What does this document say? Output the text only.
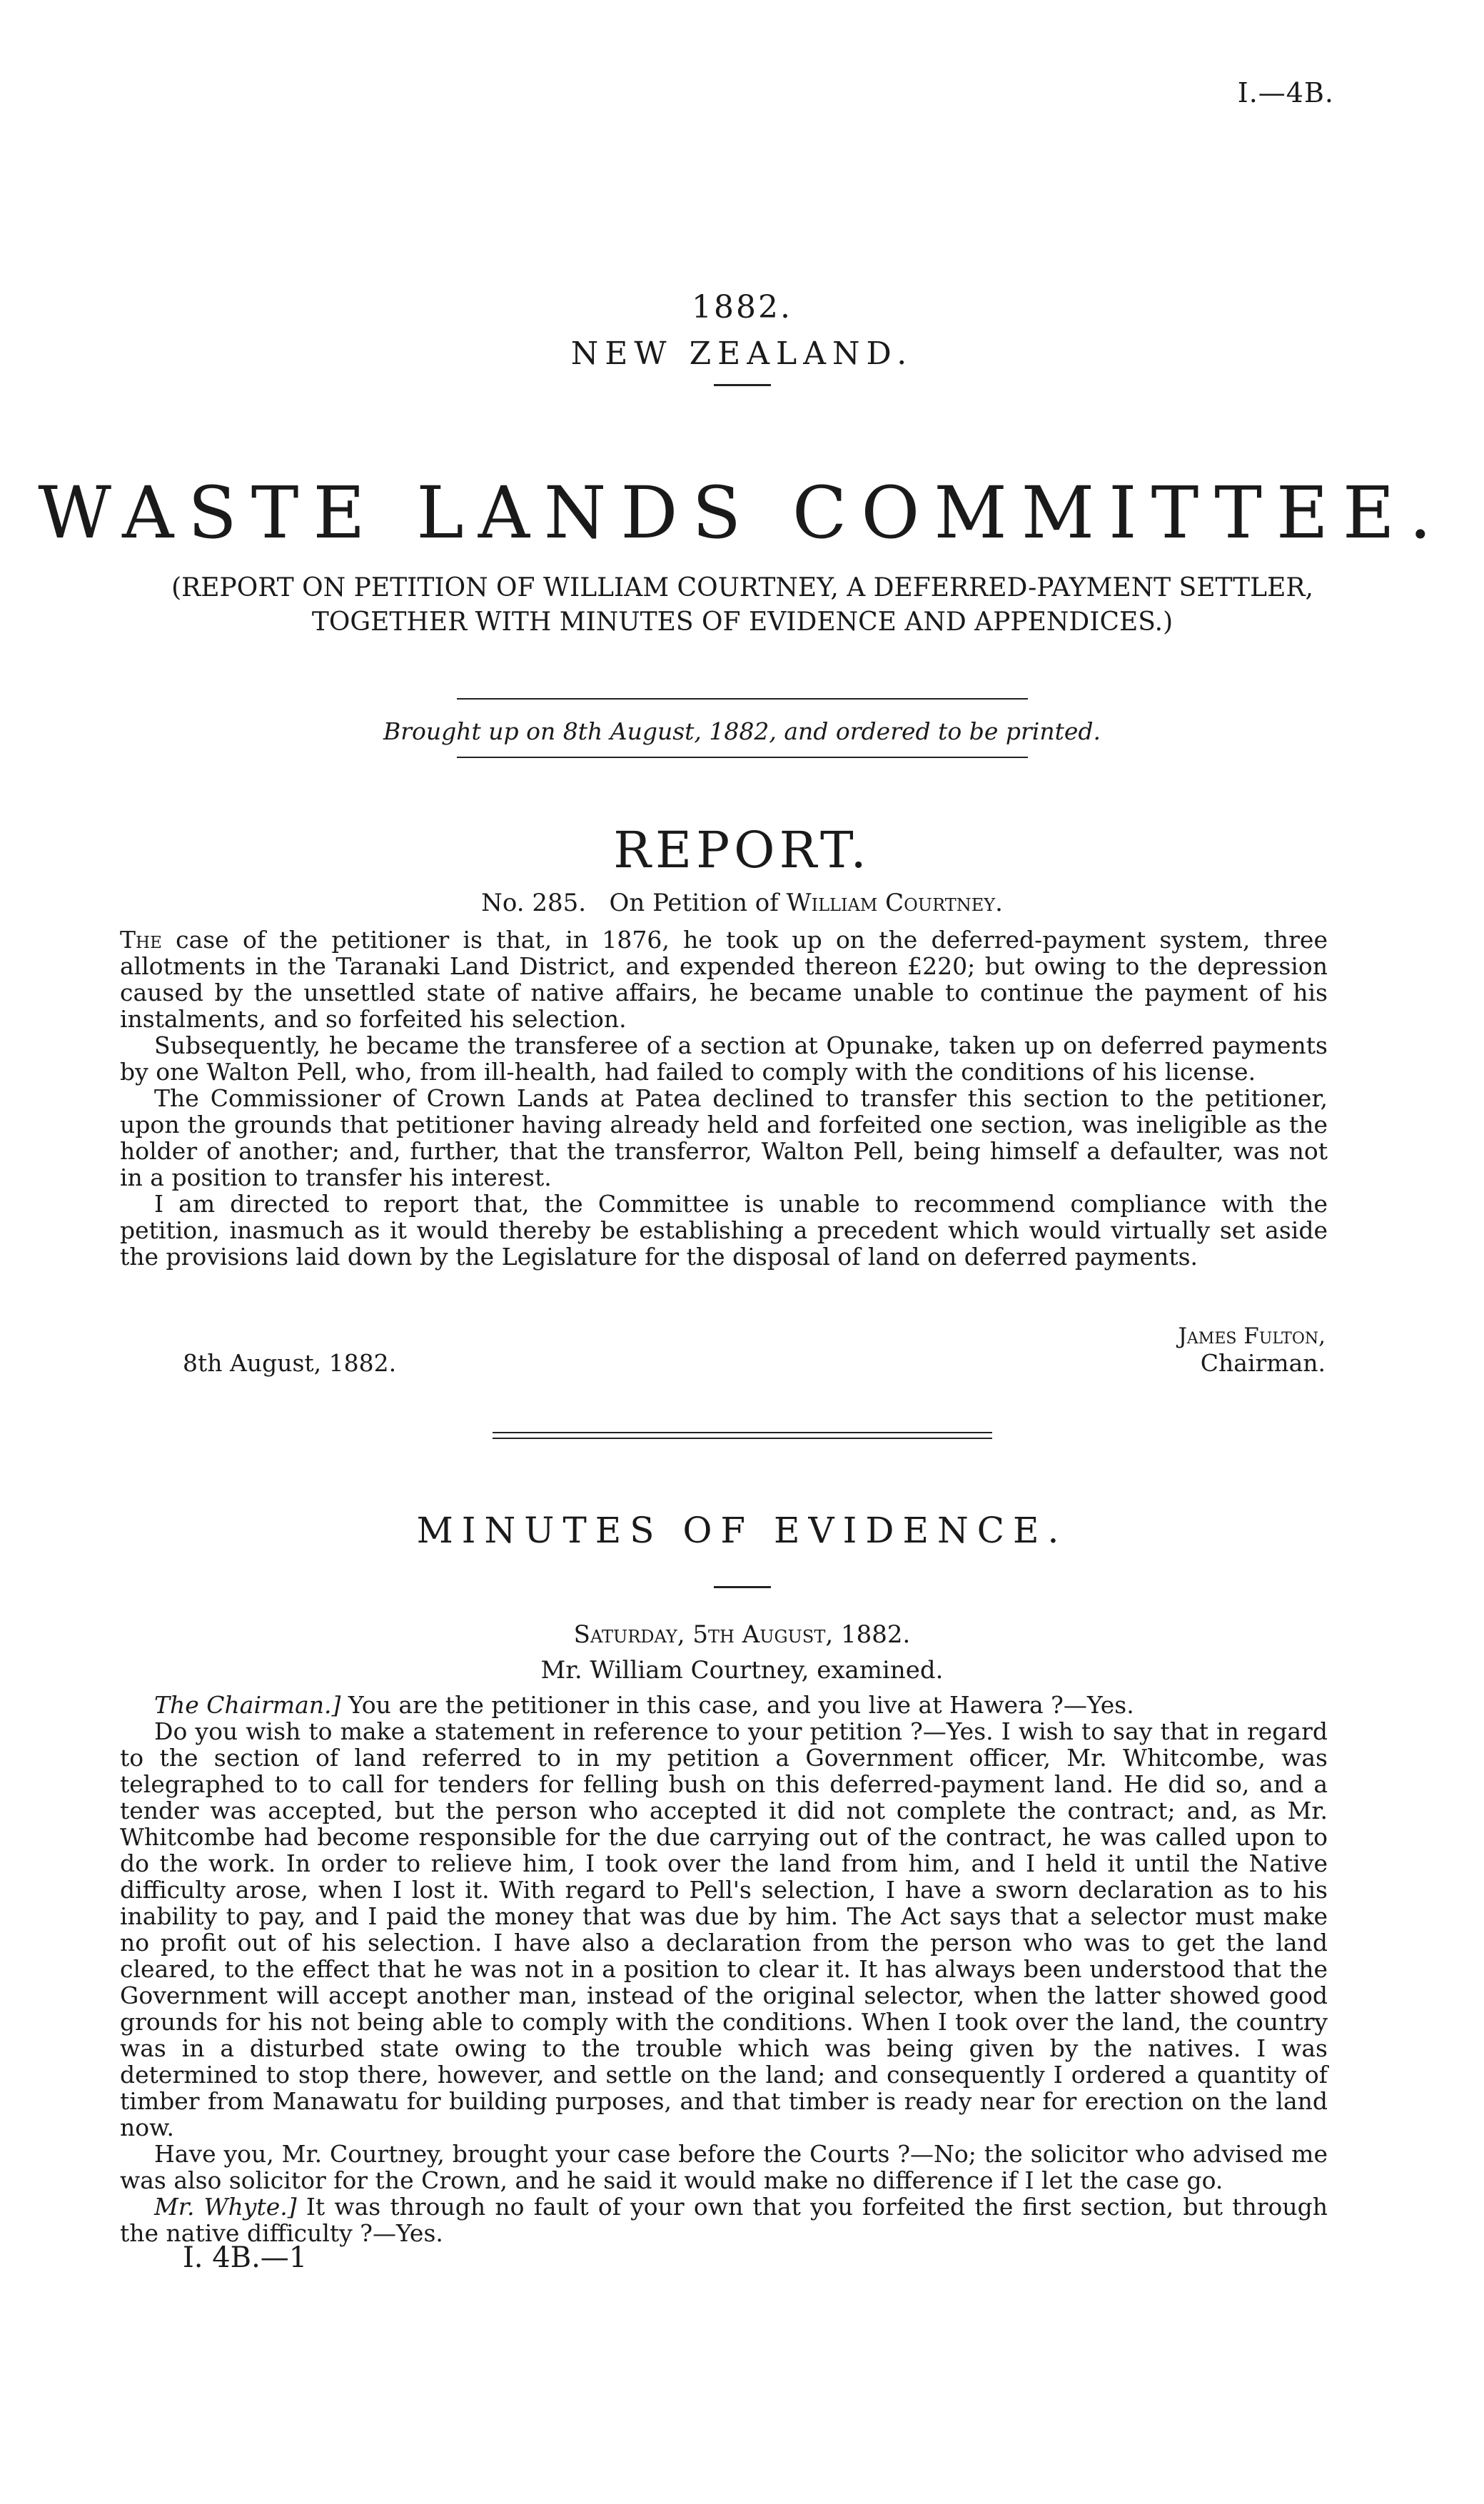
I.—4B.
1882.
NEW ZEALAND.
WASTE LANDS COMMITTEE.
(REPORT ON PETITION OF WILLIAM COURTNEY, A DEFERRED-PAYMENT SETTLER, TOGETHER WITH MINUTES OF EVIDENCE AND APPENDICES.)
Brought up on 8th August, 1882, and ordered to be printed.
REPORT.
No. 285. On Petition of William Courtney.

The case of the petitioner is that, in 1876, he took up on the deferred-payment system, three allotments in the Taranaki Land District, and expended thereon £220; but owing to the depression caused by the unsettled state of native affairs, he became unable to continue the payment of his instalments, and so forfeited his selection.

Subsequently, he became the transferee of a section at Opunake, taken up on deferred payments by one Walton Pell, who, from ill-health, had failed to comply with the conditions of his license.

The Commissioner of Crown Lands at Patea declined to transfer this section to the petitioner, upon the grounds that petitioner having already held and forfeited one section, was ineligible as the holder of another; and, further, that the transferror, Walton Pell, being himself a defaulter, was not in a position to transfer his interest.

I am directed to report that, the Committee is unable to recommend compliance with the petition, inasmuch as it would thereby be establishing a precedent which would virtually set aside the provisions laid down by the Legislature for the disposal of land on deferred payments.

James Fulton,
8th August, 1882.	Chairman.
MINUTES OF EVIDENCE.
Saturday, 5th August, 1882.
Mr. William Courtney, examined.

The Chairman.] You are the petitioner in this case, and you live at Hawera ?—Yes.

Do you wish to make a statement in reference to your petition ?—Yes. I wish to say that in regard to the section of land referred to in my petition a Government officer, Mr. Whitcombe, was telegraphed to to call for tenders for felling bush on this deferred-payment land. He did so, and a tender was accepted, but the person who accepted it did not complete the contract; and, as Mr. Whitcombe had become responsible for the due carrying out of the contract, he was called upon to do the work. In order to relieve him, I took over the land from him, and I held it until the Native difficulty arose, when I lost it. With regard to Pell's selection, I have a sworn declaration as to his inability to pay, and I paid the money that was due by him. The Act says that a selector must make no profit out of his selection. I have also a declaration from the person who was to get the land cleared, to the effect that he was not in a position to clear it. It has always been understood that the Government will accept another man, instead of the original selector, when the latter showed good grounds for his not being able to comply with the conditions. When I took over the land, the country was in a disturbed state owing to the trouble which was being given by the natives. I was determined to stop there, however, and settle on the land; and consequently I ordered a quantity of timber from Manawatu for building purposes, and that timber is ready near for erection on the land now.

Have you, Mr. Courtney, brought your case before the Courts ?—No; the solicitor who advised me was also solicitor for the Crown, and he said it would make no difference if I let the case go.

Mr. Whyte.] It was through no fault of your own that you forfeited the first section, but through the native difficulty ?—Yes.

I. 4B.—1
